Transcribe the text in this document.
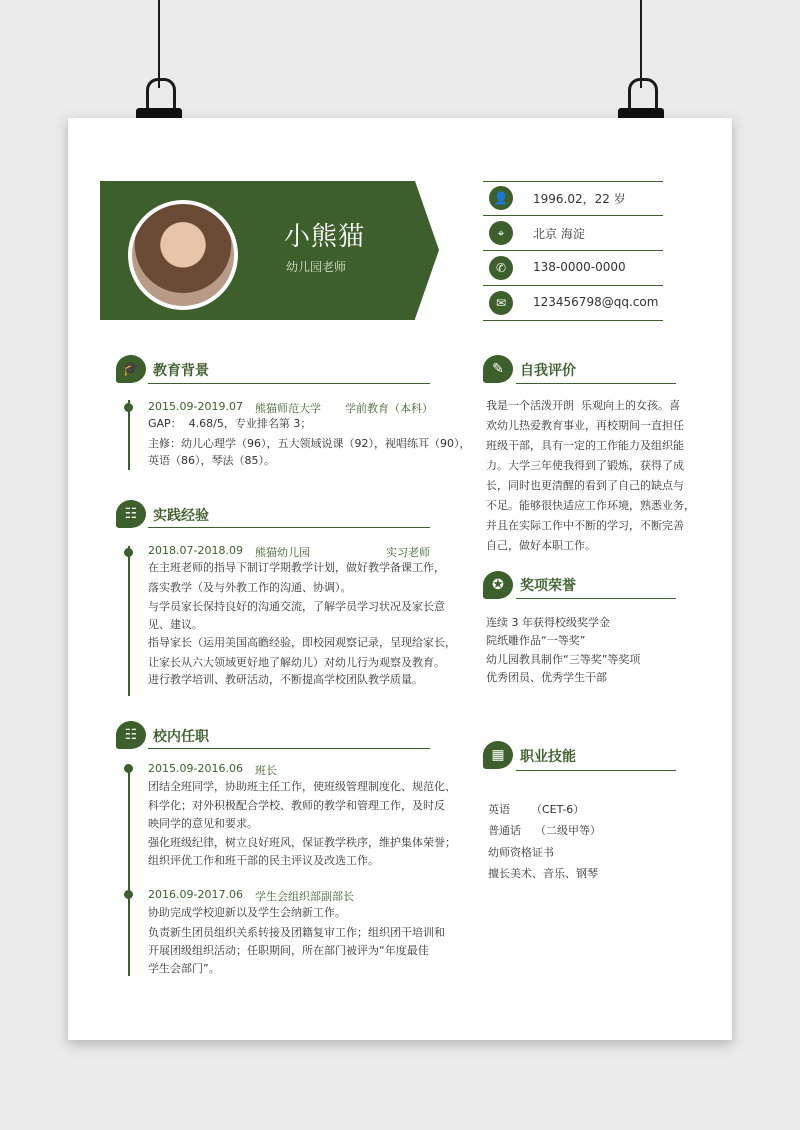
小熊猫
幼儿园老师
👤	1996.02，22 岁
⌖	北京 海淀
✆	138-0000-0000
✉	123456798@qq.com
🎓 教育背景
2015.09-2019.07 熊猫师范大学 学前教育（本科）
GAP：  4.68/5，专业排名第 3；
主修：幼儿心理学（96），五大领域说课（92），视唱练耳（90），
英语（86），琴法（85）。
☷	实践经验
2018.07-2018.09 熊猫幼儿园	实习老师
在主班老师的指导下制订学期教学计划，做好教学备课工作，
落实教学（及与外教工作的沟通、协调）。
与学员家长保持良好的沟通交流，了解学员学习状况及家长意
见、建议。
指导家长（运用美国高瞻经验，即校园观察记录，呈现给家长，
让家长从六大领域更好地了解幼儿）对幼儿行为观察及教育。
进行教学培训、教研活动，不断提高学校团队教学质量。
☷	校内任职
2015.09-2016.06 班长
团结全班同学，协助班主任工作，使班级管理制度化、规范化、
科学化；对外积极配合学校、教师的教学和管理工作，及时反
映同学的意见和要求。
强化班级纪律，树立良好班风，保证教学秩序，维护集体荣誉；
组织评优工作和班干部的民主评议及改选工作。
2016.09-2017.06 学生会组织部副部长
协助完成学校迎新以及学生会纳新工作。
负责新生团员组织关系转接及团籍复审工作；组织团干培训和
开展团级组织活动；任职期间，所在部门被评为“年度最佳
学生会部门”。
✎	自我评价
我是一个活泼开朗  乐观向上的女孩。喜
欢幼儿热爱教育事业，再校期间一直担任
班级干部，具有一定的工作能力及组织能
力。大学三年使我得到了锻炼，获得了成
长，同时也更清醒的看到了自己的缺点与
不足。能够很快适应工作环境，熟悉业务，
并且在实际工作中不断的学习，不断完善
自己，做好本职工作。
✪	奖项荣誉
连续 3 年获得校级奖学金
院纸雕作品“一等奖”
幼儿园教具制作“三等奖”等奖项
优秀团员、优秀学生干部
▦	职业技能
英语      （CET-6）
普通话    （二级甲等）
幼师资格证书
擅长美术、音乐、钢琴
